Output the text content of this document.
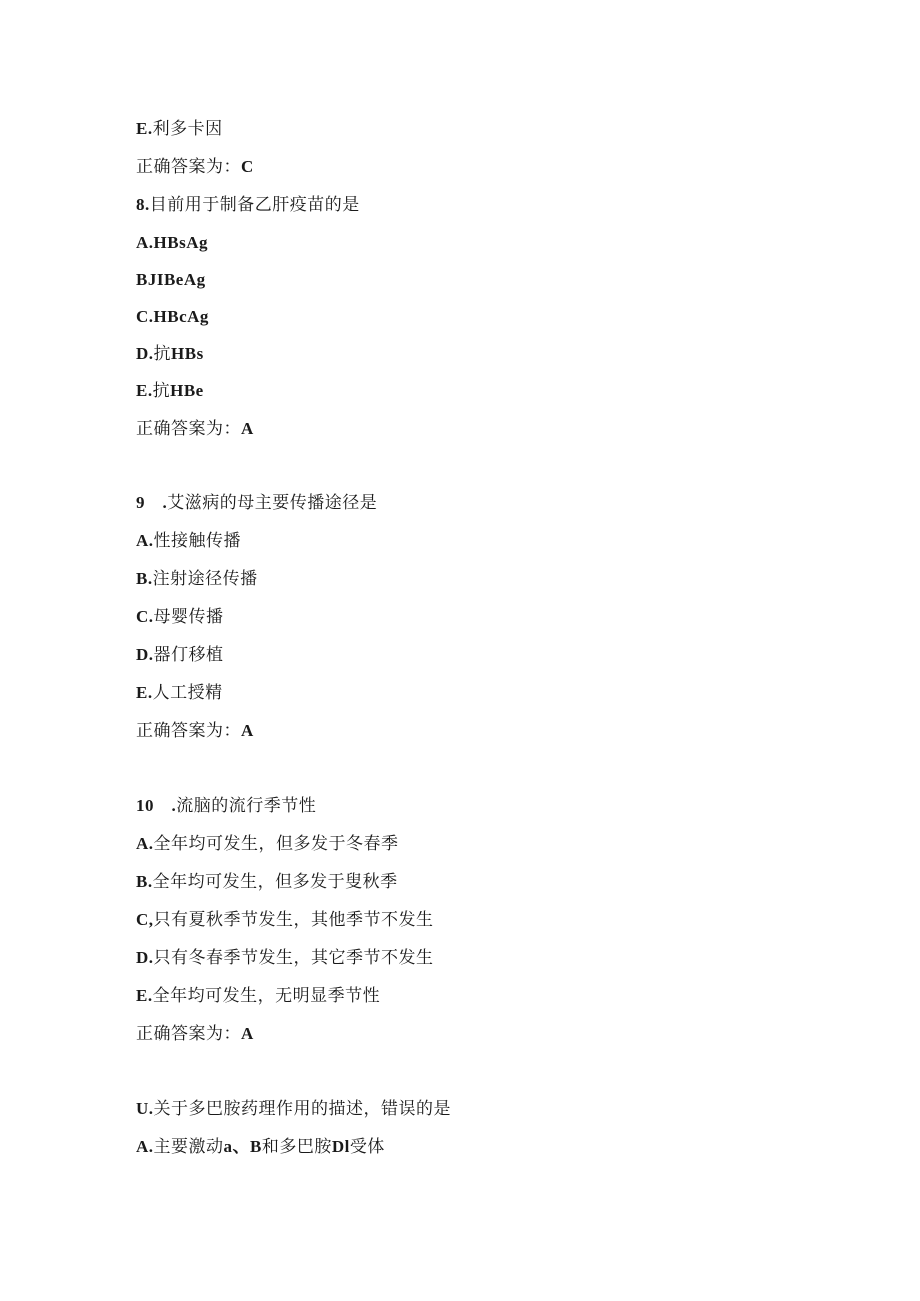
E.利多卡因
正确答案为：C
8.目前用于制备乙肝疫苗的是
A.HBsAg
BJIBeAg
C.HBcAg
D.抗HBs
E.抗HBe
正确答案为：A
9　.艾滋病的母主要传播途径是
A.性接触传播
B.注射途径传播
C.母婴传播
D.器仃移植
E.人工授精
正确答案为：A
10　.流脑的流行季节性
A.全年均可发生，但多发于冬春季
B.全年均可发生，但多发于叟秋季
C,只有夏秋季节发生，其他季节不发生
D.只有冬春季节发生，其它季节不发生
E.全年均可发生，无明显季节性
正确答案为：A
U.关于多巴胺药理作用的描述，错误的是
A.主要激动a、B和多巴胺Dl受体
